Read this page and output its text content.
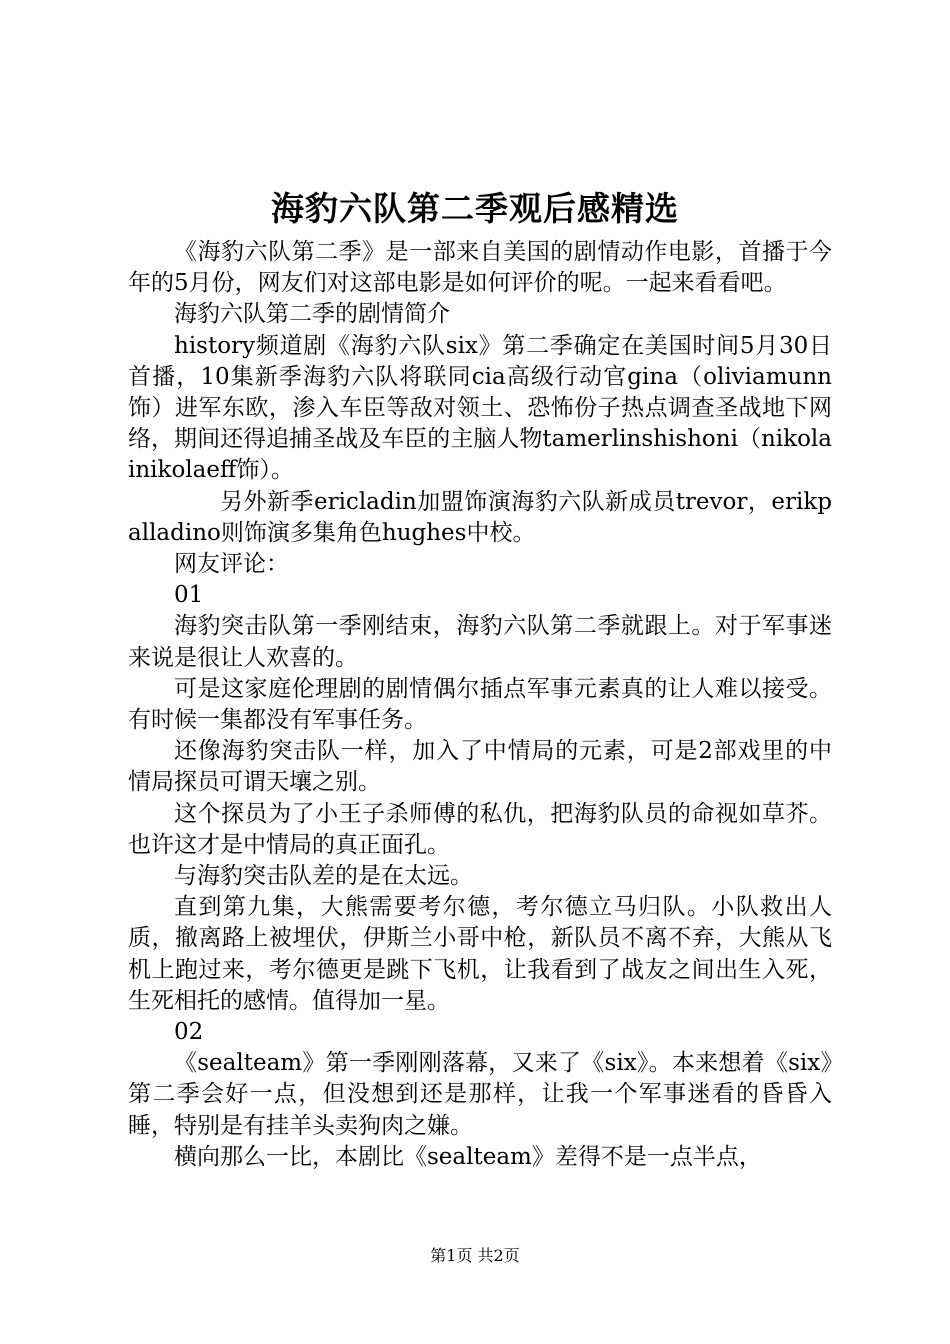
海豹六队第二季观后感精选

《海豹六队第二季》是一部来自美国的剧情动作电影，首播于今年的5月份，网友们对这部电影是如何评价的呢。一起来看看吧。

海豹六队第二季的剧情简介

history频道剧《海豹六队six》第二季确定在美国时间5月30日首播，10集新季海豹六队将联同cia高级行动官gina（oliviamunn饰）进军东欧，渗入车臣等敌对领土、恐怖份子热点调查圣战地下网络，期间还得追捕圣战及车臣的主脑人物tamerlinshishoni（nikolainikolaeff饰）。

另外新季ericladin加盟饰演海豹六队新成员trevor，erikpalladino则饰演多集角色hughes中校。

网友评论：

01

海豹突击队第一季刚结束，海豹六队第二季就跟上。对于军事迷来说是很让人欢喜的。

可是这家庭伦理剧的剧情偶尔插点军事元素真的让人难以接受。有时候一集都没有军事任务。

还像海豹突击队一样，加入了中情局的元素，可是2部戏里的中情局探员可谓天壤之别。

这个探员为了小王子杀师傅的私仇，把海豹队员的命视如草芥。也许这才是中情局的真正面孔。

与海豹突击队差的是在太远。

直到第九集，大熊需要考尔德，考尔德立马归队。小队救出人质，撤离路上被埋伏，伊斯兰小哥中枪，新队员不离不弃，大熊从飞机上跑过来，考尔德更是跳下飞机，让我看到了战友之间出生入死，生死相托的感情。值得加一星。

02

《sealteam》第一季刚刚落幕，又来了《six》。本来想着《six》第二季会好一点，但没想到还是那样，让我一个军事迷看的昏昏入睡，特别是有挂羊头卖狗肉之嫌。

横向那么一比，本剧比《sealteam》差得不是一点半点，

第1页 共2页
